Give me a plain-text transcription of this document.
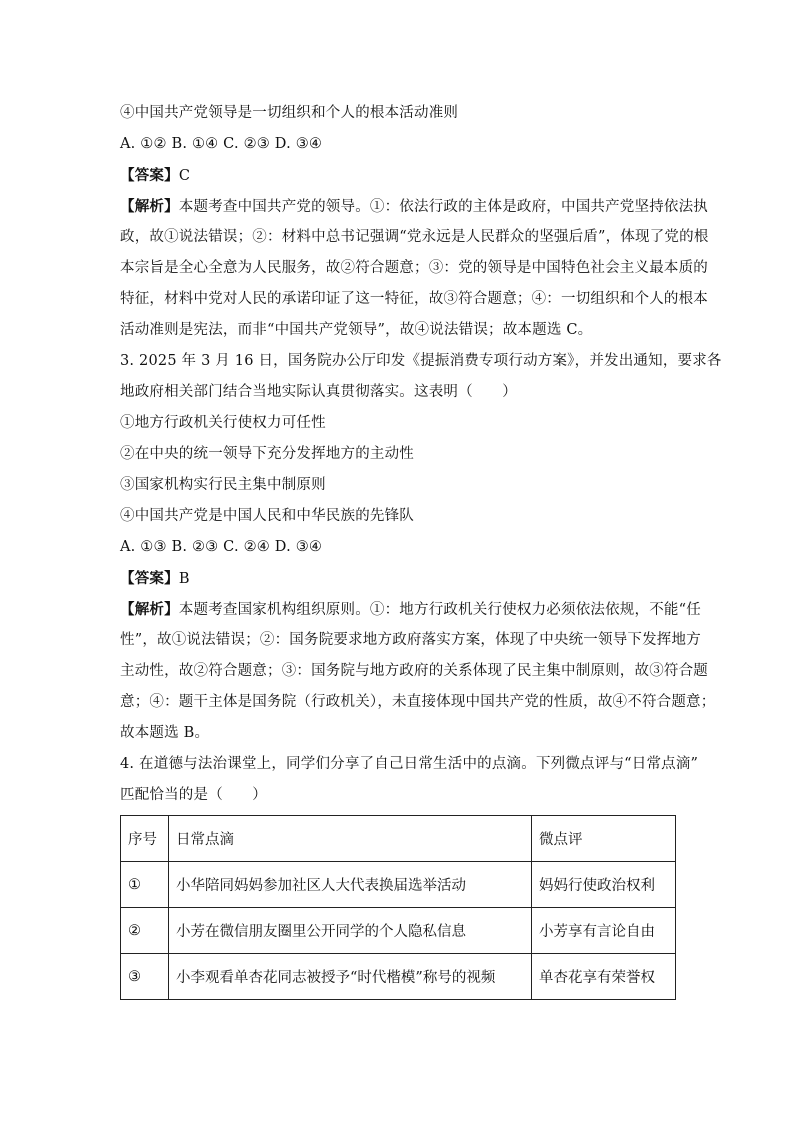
④中国共产党领导是一切组织和个人的根本活动准则
A. ①② B. ①④ C. ②③ D. ③④
【答案】C
【解析】本题考查中国共产党的领导。①：依法行政的主体是政府，中国共产党坚持依法执
政，故①说法错误；②：材料中总书记强调“党永远是人民群众的坚强后盾”，体现了党的根
本宗旨是全心全意为人民服务，故②符合题意；③：党的领导是中国特色社会主义最本质的
特征，材料中党对人民的承诺印证了这一特征，故③符合题意；④：一切组织和个人的根本
活动准则是宪法，而非“中国共产党领导”，故④说法错误；故本题选 C。
3. 2025 年 3 月 16 日，国务院办公厅印发《提振消费专项行动方案》，并发出通知，要求各
地政府相关部门结合当地实际认真贯彻落实。这表明（　　）
①地方行政机关行使权力可任性
②在中央的统一领导下充分发挥地方的主动性
③国家机构实行民主集中制原则
④中国共产党是中国人民和中华民族的先锋队
A. ①③ B. ②③ C. ②④ D. ③④
【答案】B
【解析】本题考查国家机构组织原则。①：地方行政机关行使权力必须依法依规，不能“任
性”，故①说法错误；②：国务院要求地方政府落实方案，体现了中央统一领导下发挥地方
主动性，故②符合题意；③：国务院与地方政府的关系体现了民主集中制原则，故③符合题
意；④：题干主体是国务院（行政机关），未直接体现中国共产党的性质，故④不符合题意；
故本题选 B。
4. 在道德与法治课堂上，同学们分享了自己日常生活中的点滴。下列微点评与“日常点滴”
匹配恰当的是（　　）
序号	日常点滴	微点评
①	小华陪同妈妈参加社区人大代表换届选举活动	妈妈行使政治权利
②	小芳在微信朋友圈里公开同学的个人隐私信息	小芳享有言论自由
③	小李观看单杏花同志被授予“时代楷模”称号的视频	单杏花享有荣誉权
